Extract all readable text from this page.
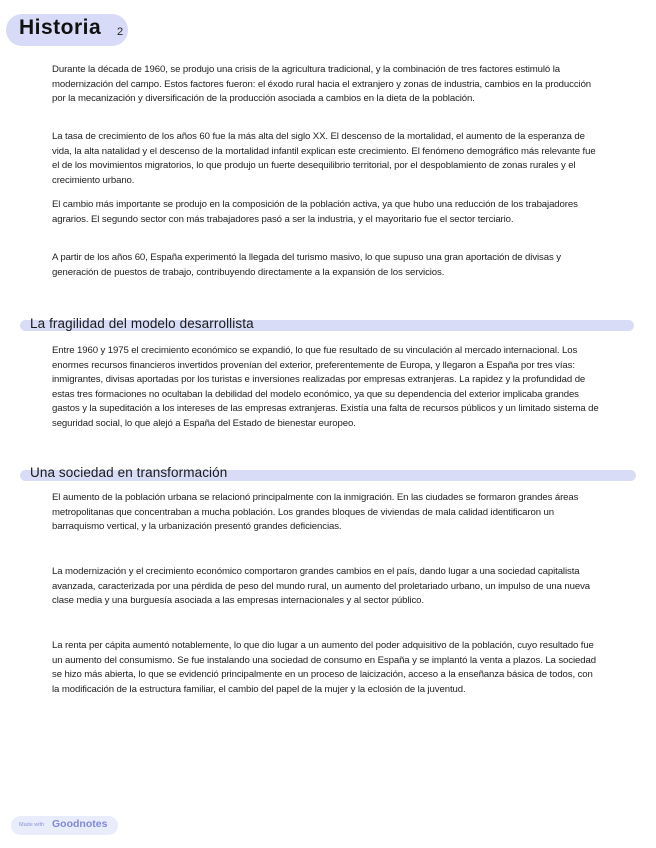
Historia 2

Durante la década de 1960, se produjo una crisis de la agricultura tradicional, y la combinación de tres factores estimuló la modernización del campo. Estos factores fueron: el éxodo rural hacia el extranjero y zonas de industria, cambios en la producción por la mecanización y diversificación de la producción asociada a cambios en la dieta de la población.

La tasa de crecimiento de los años 60 fue la más alta del siglo XX. El descenso de la mortalidad, el aumento de la esperanza de vida, la alta natalidad y el descenso de la mortalidad infantil explican este crecimiento. El fenómeno demográfico más relevante fue el de los movimientos migratorios, lo que produjo un fuerte desequilibrio territorial, por el despoblamiento de zonas rurales y el crecimiento urbano.

El cambio más importante se produjo en la composición de la población activa, ya que hubo una reducción de los trabajadores agrarios. El segundo sector con más trabajadores pasó a ser la industria, y el mayoritario fue el sector terciario.

A partir de los años 60, España experimentó la llegada del turismo masivo, lo que supuso una gran aportación de divisas y generación de puestos de trabajo, contribuyendo directamente a la expansión de los servicios.

La fragilidad del modelo desarrollista

Entre 1960 y 1975 el crecimiento económico se expandió, lo que fue resultado de su vinculación al mercado internacional. Los enormes recursos financieros invertidos provenían del exterior, preferentemente de Europa, y llegaron a España por tres vías: inmigrantes, divisas aportadas por los turistas e inversiones realizadas por empresas extranjeras. La rapidez y la profundidad de estas tres formaciones no ocultaban la debilidad del modelo económico, ya que su dependencia del exterior implicaba grandes gastos y la supeditación a los intereses de las empresas extranjeras. Existía una falta de recursos públicos y un limitado sistema de seguridad social, lo que alejó a España del Estado de bienestar europeo.

Una sociedad en transformación

El aumento de la población urbana se relacionó principalmente con la inmigración. En las ciudades se formaron grandes áreas metropolitanas que concentraban a mucha población. Los grandes bloques de viviendas de mala calidad identificaron un barraquismo vertical, y la urbanización presentó grandes deficiencias.

La modernización y el crecimiento económico comportaron grandes cambios en el país, dando lugar a una sociedad capitalista avanzada, caracterizada por una pérdida de peso del mundo rural, un aumento del proletariado urbano, un impulso de una nueva clase media y una burguesía asociada a las empresas internacionales y al sector público.

La renta per cápita aumentó notablemente, lo que dio lugar a un aumento del poder adquisitivo de la población, cuyo resultado fue un aumento del consumismo. Se fue instalando una sociedad de consumo en España y se implantó la venta a plazos. La sociedad se hizo más abierta, lo que se evidenció principalmente en un proceso de laicización, acceso a la enseñanza básica de todos, con la modificación de la estructura familiar, el cambio del papel de la mujer y la eclosión de la juventud.

Made with Goodnotes
